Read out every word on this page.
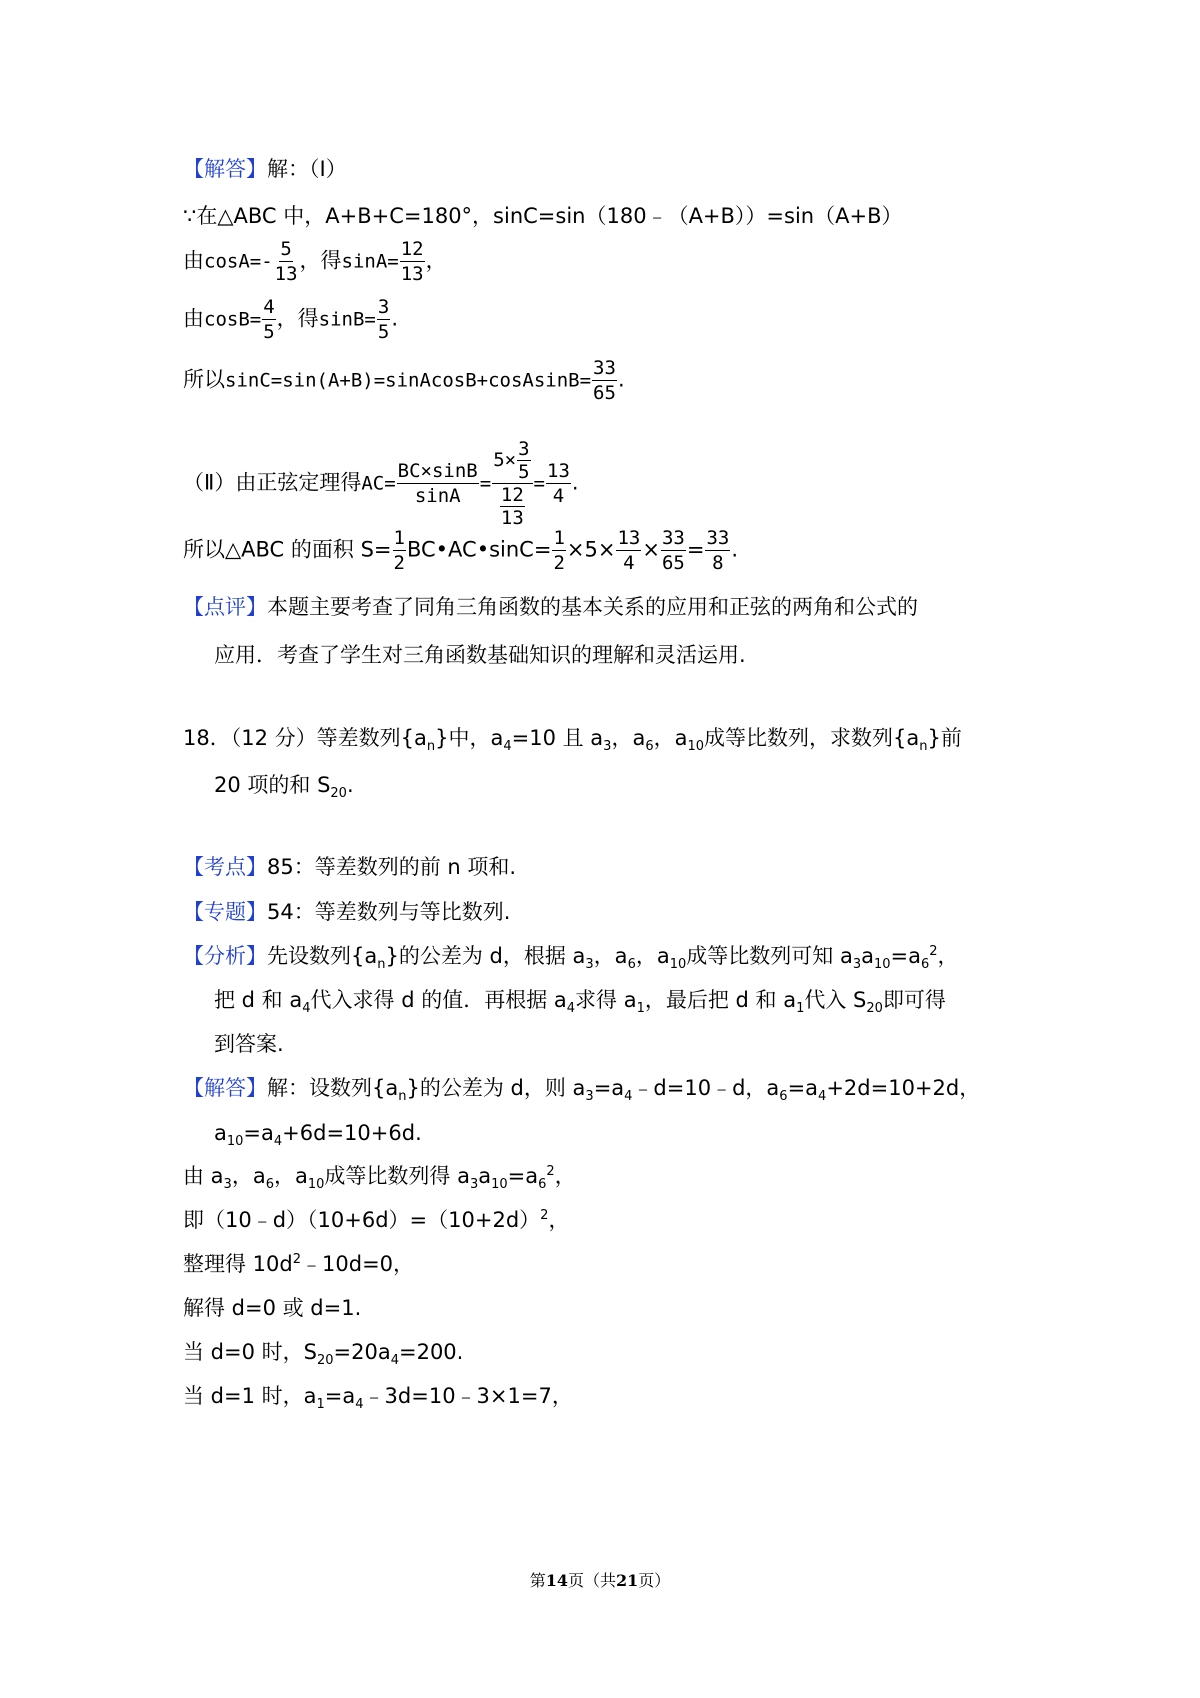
【解答】解：（Ⅰ）
∵在△ABC 中，A+B+C=180°，sinC=sin（180﹣（A+B））=sin（A+B）
由$\cos A=- \frac{5}{13}$ ，得$\sin A= \frac{12}{13}$ ，
由$\cos B= \frac{4}{5}$ ，得$\sin B= \frac{3}{5}$ .
所以sinC=sin(A+B)=sinAcosB+cosAsinB= $\frac{33}{65}$ .
（Ⅱ）由正弦定理得$AC= \frac{BC\times\sin B}{\sin A} = \frac{5\times \frac{3}{5}}{\frac{12}{13}} = \frac{13}{4}$ .
所以△ABC 的面积 $S= \frac{1}{2}$ BC•AC•sinC= $\frac{1}{2} \times 5\times \frac{13}{4} \times \frac{33}{65} = \frac{33}{8}$ .
【点评】本题主要考查了同角三角函数的基本关系的应用和正弦的两角和公式的
应用．考查了学生对三角函数基础知识的理解和灵活运用.
18．（12 分）等差数列$\{a_n\}$中，$a_4=10$ 且 $a_3$，$a_6$，$a_{10}$成等比数列，求数列$\{a_n\}$前
20 项的和 $S_{20}$.
【考点】85：等差数列的前 n 项和.
【专题】54：等差数列与等比数列.
【分析】先设数列$\{a_n\}$的公差为 d，根据 $a_3$，$a_6$，$a_{10}$成等比数列可知 $a_3a_{10}=a_6^2$，
把 d 和 $a_4$代入求得 d 的值．再根据 $a_4$求得 $a_1$，最后把 d 和 $a_1$代入 $S_{20}$即可得
到答案.
【解答】解：设数列$\{a_n\}$的公差为 d，则 $a_3=a_4﹣d=10﹣d$，$a_6=a_4+2d=10+2d$，
$a_{10}=a_4+6d=10+6d$.
由 $a_3$，$a_6$，$a_{10}$成等比数列得 $a_3a_{10}=a_6^2$，
即$(10﹣d)(10+6d)=(10+2d)^2$，
整理得 $10d^2﹣10d=0$，
解得 d=0 或 d=1.
当 d=0 时，$S_{20}=20a_4=200$.
当 d=1 时，$a_1=a_4﹣3d=10﹣3\times 1=7$，
第14页（共21页）
